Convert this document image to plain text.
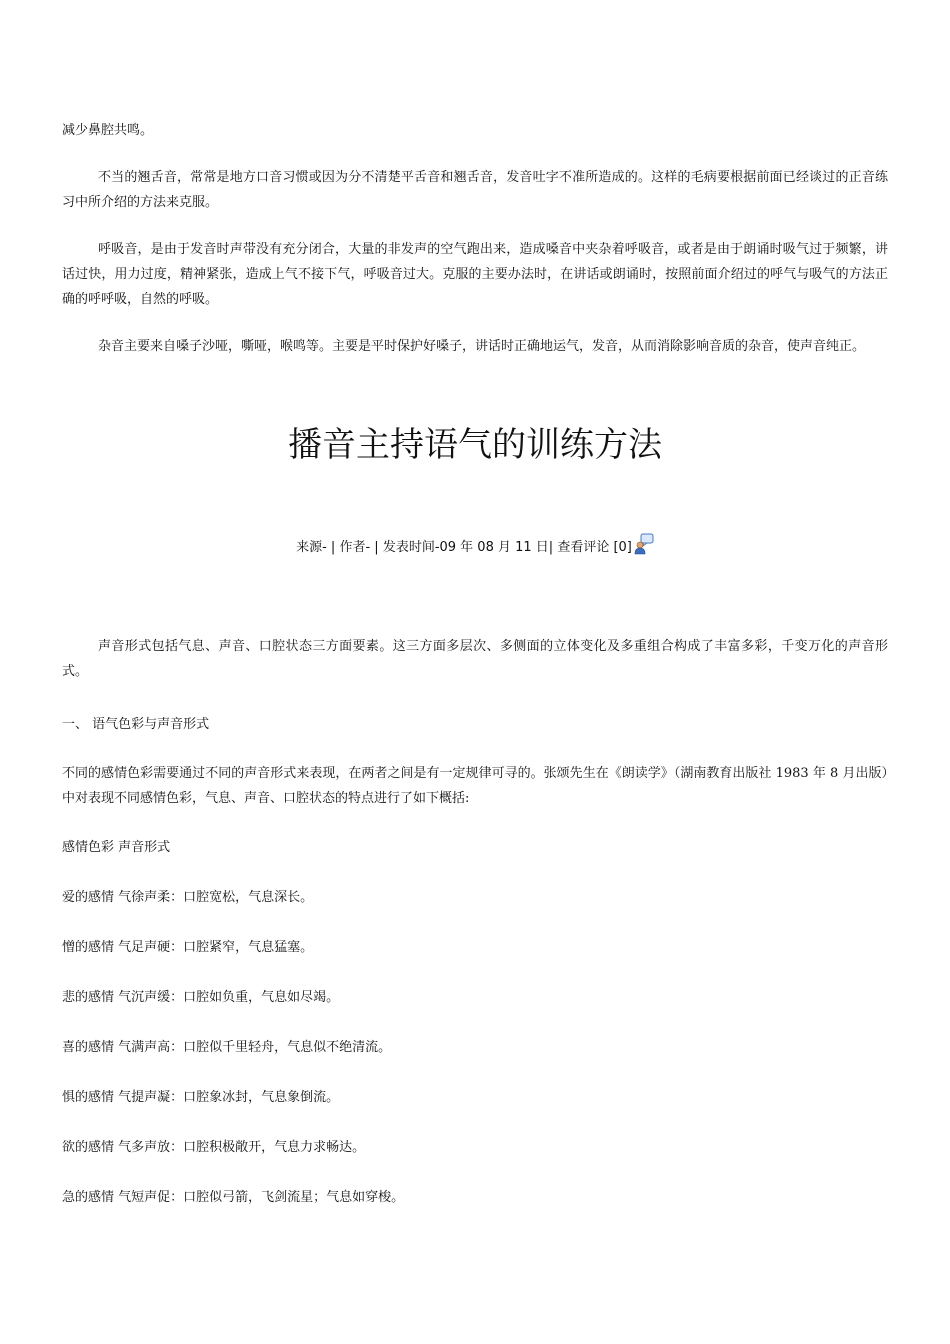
减少鼻腔共鸣。

不当的翘舌音，常常是地方口音习惯或因为分不清楚平舌音和翘舌音，发音吐字不准所造成的。这样的毛病要根据前面已经谈过的正音练习中所介绍的方法来克服。

呼吸音，是由于发音时声带没有充分闭合，大量的非发声的空气跑出来，造成嗓音中夹杂着呼吸音，或者是由于朗诵时吸气过于频繁，讲话过快，用力过度，精神紧张，造成上气不接下气，呼吸音过大。克服的主要办法时，在讲话或朗诵时，按照前面介绍过的呼气与吸气的方法正确的呼呼吸，自然的呼吸。

杂音主要来自嗓子沙哑，嘶哑，喉鸣等。主要是平时保护好嗓子，讲话时正确地运气，发音，从而消除影响音质的杂音，使声音纯正。

播音主持语气的训练方法
来源- | 作者- | 发表时间-09 年 08 月 11 日| 查看评论 [0]

声音形式包括气息、声音、口腔状态三方面要素。这三方面多层次、多侧面的立体变化及多重组合构成了丰富多彩，千变万化的声音形式。

一、 语气色彩与声音形式

不同的感情色彩需要通过不同的声音形式来表现，在两者之间是有一定规律可寻的。张颂先生在《朗读学》（湖南教育出版社 1983 年 8 月出版）中对表现不同感情色彩，气息、声音、口腔状态的特点进行了如下概括:

感情色彩 声音形式

爱的感情 气徐声柔：口腔宽松，气息深长。

憎的感情 气足声硬：口腔紧窄，气息猛塞。

悲的感情 气沉声缓：口腔如负重，气息如尽竭。

喜的感情 气满声高：口腔似千里轻舟，气息似不绝清流。

惧的感情 气提声凝：口腔象冰封，气息象倒流。

欲的感情 气多声放：口腔积极敞开，气息力求畅达。

急的感情 气短声促：口腔似弓箭，飞剑流星；气息如穿梭。
